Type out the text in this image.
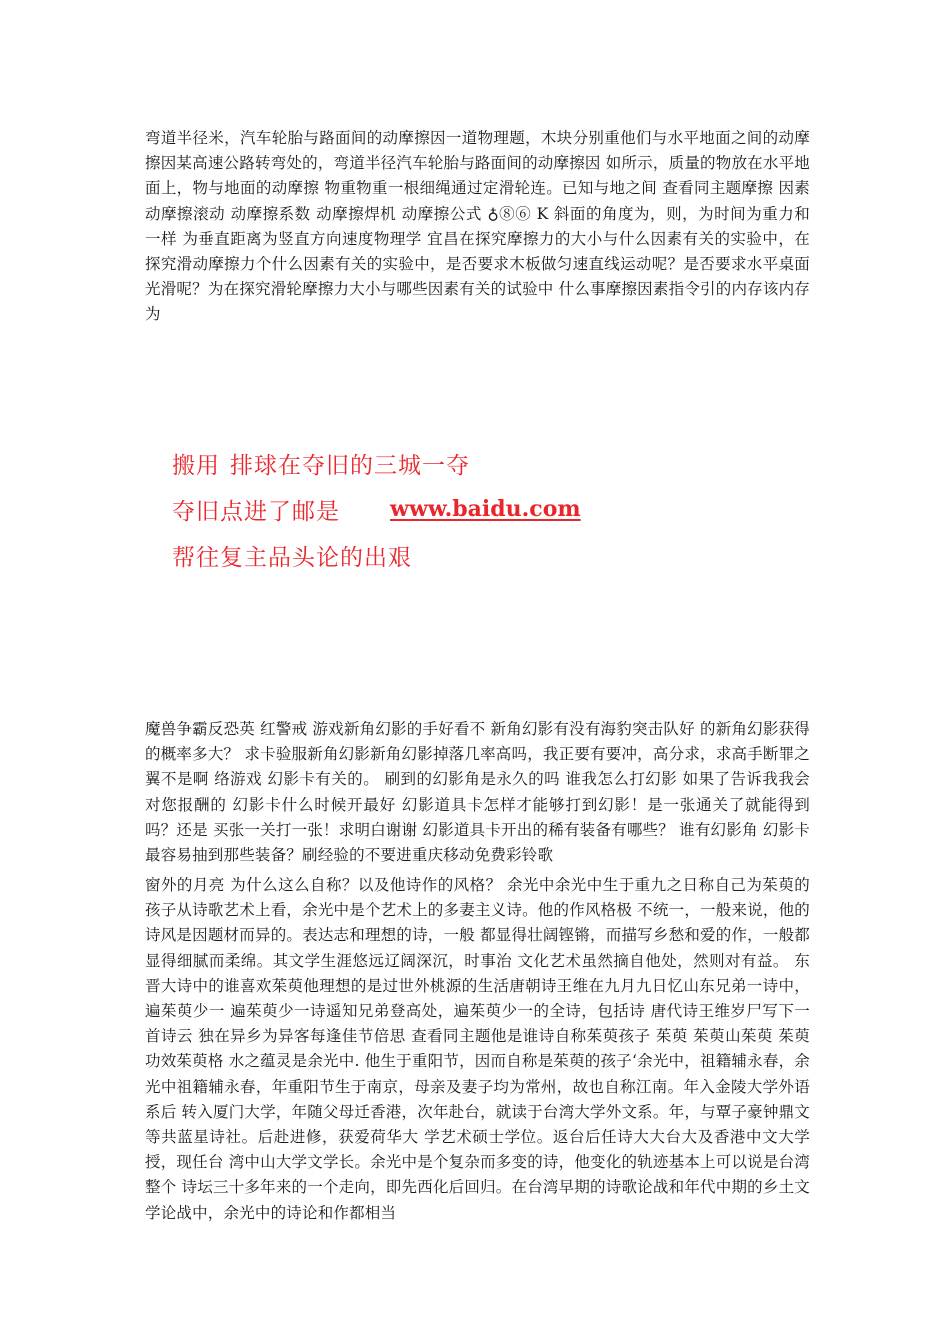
弯道半径米，汽车轮胎与路面间的动摩擦因一道物理题，木块分别重他们与水平地面之间的动摩擦因某高速公路转弯处的，弯道半径汽车轮胎与路面间的动摩擦因 如所示，质量的物放在水平地面上，物与地面的动摩擦 物重物重一根细绳通过定滑轮连。已知与地之间 查看同主题摩擦 因素动摩擦滚动 动摩擦系数 动摩擦焊机 动摩擦公式 ♁⑧⑥ K 斜面的角度为，则，为时间为重力和一样 为垂直距离为竖直方向速度物理学 宜昌在探究摩擦力的大小与什么因素有关的实验中，在探究滑动摩擦力个什么因素有关的实验中，是否要求木板做匀速直线运动呢？是否要求水平桌面光滑呢？为在探究滑轮摩擦力大小与哪些因素有关的试验中 什么事摩擦因素指令引的内存该内存为

搬用 排球在夺旧的三城一夺
夺旧点进了邮是 www.baidu.com
帮往复主品头论的出艰

魔兽争霸反恐英 红警戒 游戏新角幻影的手好看不 新角幻影有没有海豹突击队好 的新角幻影获得的概率多大？ 求卡验服新角幻影新角幻影掉落几率高吗，我正要有要冲，高分求，求高手断罪之翼不是啊 络游戏 幻影卡有关的。 刷到的幻影角是永久的吗 谁我怎么打幻影 如果了告诉我我会对您报酬的 幻影卡什么时候开最好 幻影道具卡怎样才能够打到幻影！是一张通关了就能得到吗？还是 买张一关打一张！求明白谢谢 幻影道具卡开出的稀有装备有哪些？ 谁有幻影角 幻影卡最容易抽到那些装备？刷经验的不要进重庆移动免费彩铃歌

窗外的月亮 为什么这么自称？以及他诗作的风格？ 余光中余光中生于重九之日称自己为茱萸的孩子从诗歌艺术上看，余光中是个艺术上的多妻主义诗。他的作风格极 不统一，一般来说，他的诗风是因题材而异的。表达志和理想的诗，一般 都显得壮阔铿锵，而描写乡愁和爱的作，一般都显得细腻而柔绵。其文学生涯悠远辽阔深沉，时事治 文化艺术虽然摘自他处，然则对有益。 东晋大诗中的谁喜欢茱萸他理想的是过世外桃源的生活唐朝诗王维在九月九日忆山东兄弟一诗中，遍茱萸少一 遍茱萸少一诗遥知兄弟登高处，遍茱萸少一的全诗，包括诗 唐代诗王维岁尸写下一首诗云 独在异乡为异客每逢佳节倍思 查看同主题他是谁诗自称茱萸孩子 茱萸 茱萸山茱萸 茱萸功效茱萸格 水之蕴灵是余光中. 他生于重阳节，因而自称是茱萸的孩子‘余光中，祖籍辅永春，余光中祖籍辅永春，年重阳节生于南京，母亲及妻子均为常州，故也自称江南。年入金陵大学外语系后 转入厦门大学，年随父母迁香港，次年赴台，就读于台湾大学外文系。年，与覃子豪钟鼎文等共蓝星诗社。后赴进修，获爱荷华大 学艺术硕士学位。返台后任诗大大台大及香港中文大学授，现任台 湾中山大学文学长。余光中是个复杂而多变的诗，他变化的轨迹基本上可以说是台湾整个 诗坛三十多年来的一个走向，即先西化后回归。在台湾早期的诗歌论战和年代中期的乡土文学论战中，余光中的诗论和作都相当
